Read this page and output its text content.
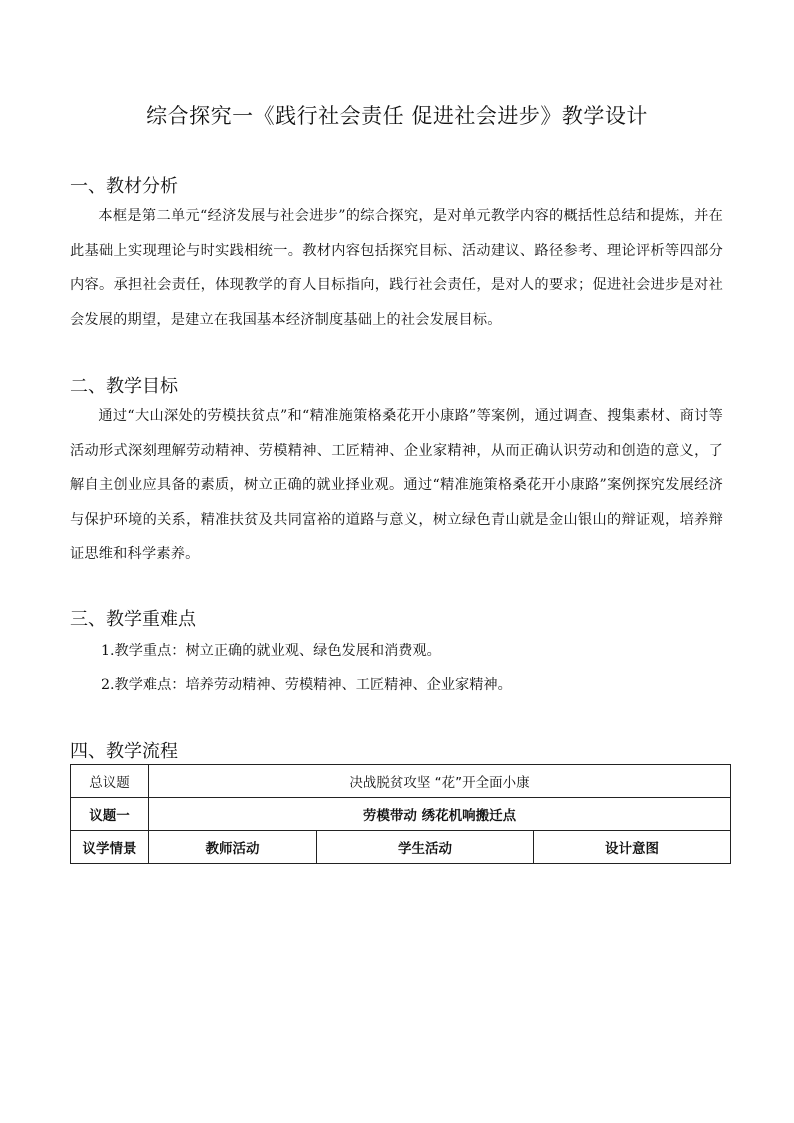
综合探究一《践行社会责任 促进社会进步》教学设计
一、教材分析
本框是第二单元“经济发展与社会进步”的综合探究，是对单元教学内容的概括性总结和提炼，并在此基础上实现理论与时实践相统一。教材内容包括探究目标、活动建议、路径参考、理论评析等四部分内容。承担社会责任，体现教学的育人目标指向，践行社会责任，是对人的要求；促进社会进步是对社会发展的期望，是建立在我国基本经济制度基础上的社会发展目标。
二、教学目标
通过“大山深处的劳模扶贫点”和“精准施策格桑花开小康路”等案例，通过调查、搜集素材、商讨等活动形式深刻理解劳动精神、劳模精神、工匠精神、企业家精神，从而正确认识劳动和创造的意义，了解自主创业应具备的素质，树立正确的就业择业观。通过“精准施策格桑花开小康路”案例探究发展经济与保护环境的关系，精准扶贫及共同富裕的道路与意义，树立绿色青山就是金山银山的辩证观，培养辩证思维和科学素养。
三、教学重难点
1.教学重点：树立正确的就业观、绿色发展和消费观。
2.教学难点：培养劳动精神、劳模精神、工匠精神、企业家精神。
四、教学流程
总议题	决战脱贫攻坚 “花”开全面小康		
议题一	劳模带动 绣花机响搬迁点		
议学情景	教师活动	学生活动	设计意图
